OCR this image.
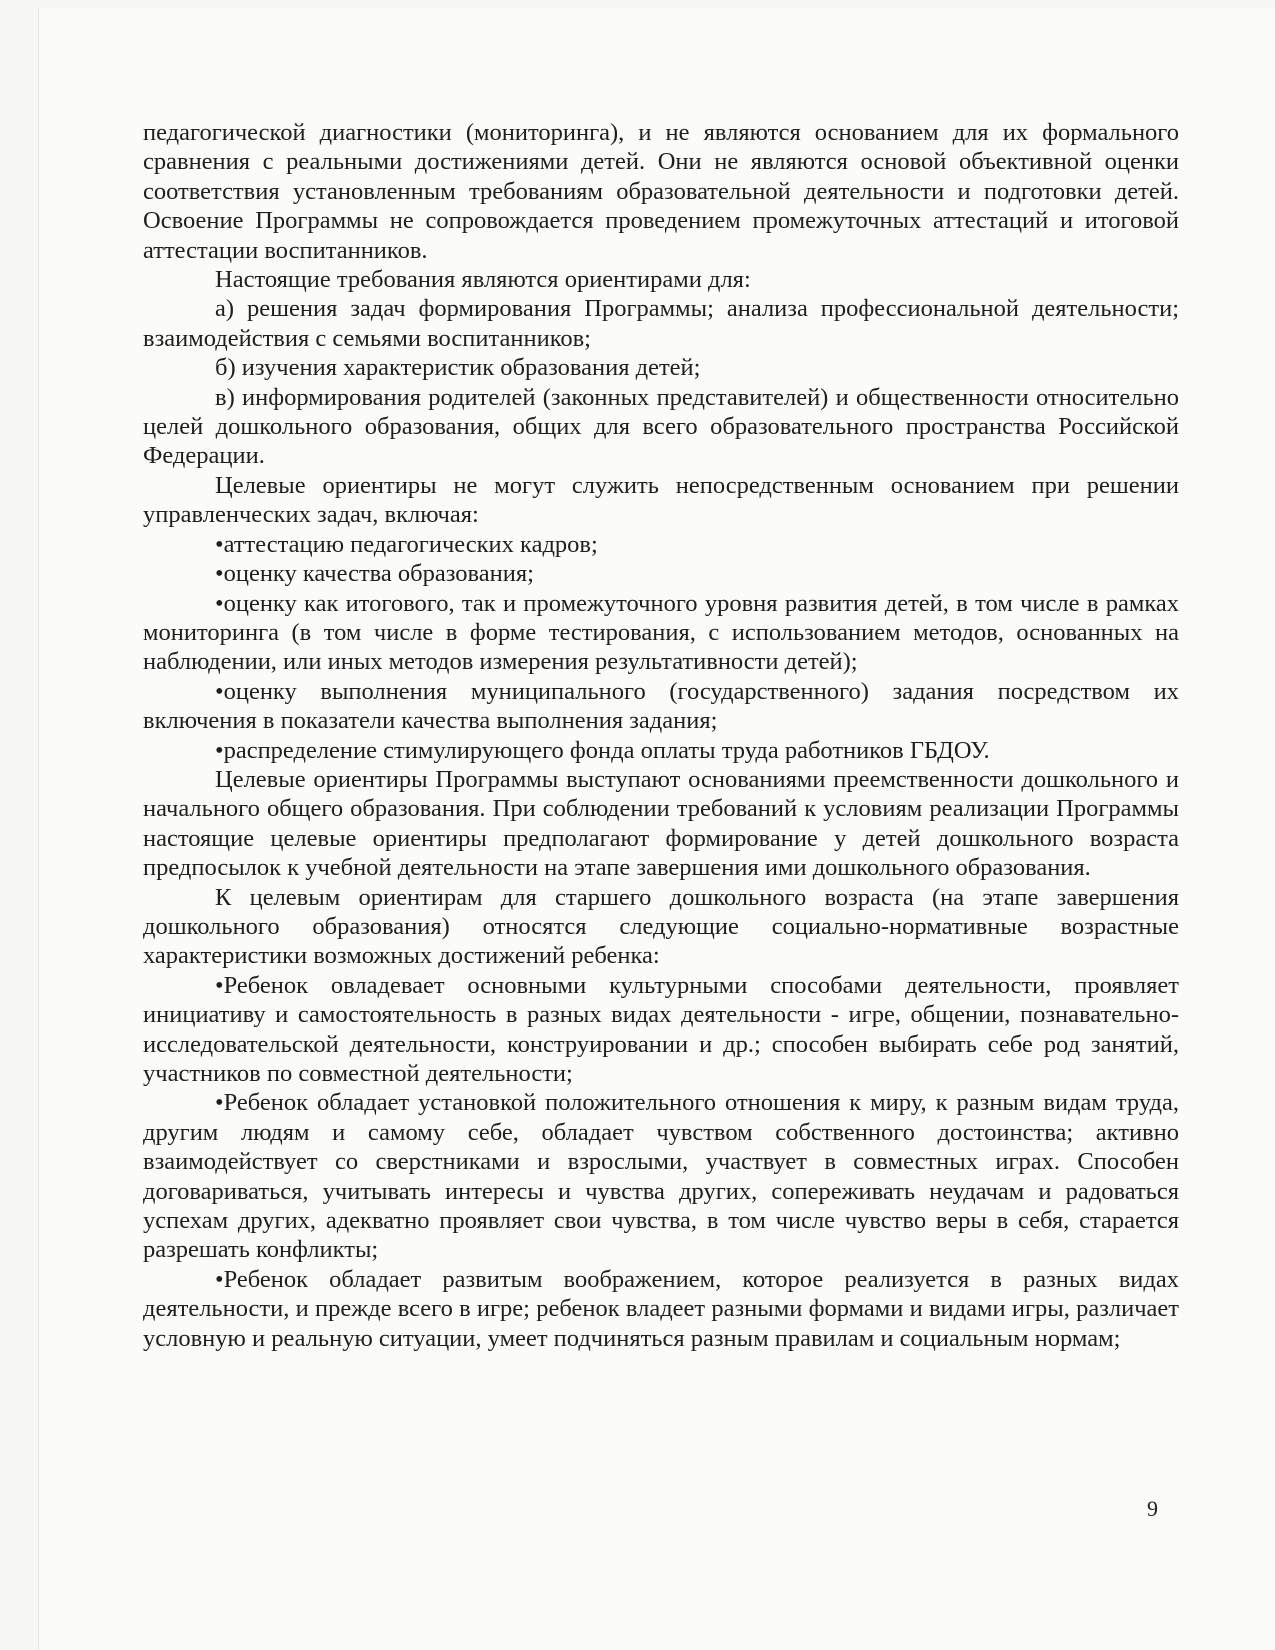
педагогической диагностики (мониторинга), и не являются основанием для их формального сравнения с реальными достижениями детей. Они не являются основой объективной оценки соответствия установленным требованиям образовательной деятельности и подготовки детей. Освоение Программы не сопровождается проведением промежуточных аттестаций и итоговой аттестации воспитанников.

Настоящие требования являются ориентирами для:

а) решения задач формирования Программы; анализа профессиональной деятельности; взаимодействия с семьями воспитанников;

б) изучения характеристик образования детей;

в) информирования родителей (законных представителей) и общественности относительно целей дошкольного образования, общих для всего образовательного пространства Российской Федерации.

Целевые ориентиры не могут служить непосредственным основанием при решении управленческих задач, включая:

•аттестацию педагогических кадров;

•оценку качества образования;

•оценку как итогового, так и промежуточного уровня развития детей, в том числе в рамках мониторинга (в том числе в форме тестирования, с использованием методов, основанных на наблюдении, или иных методов измерения результативности детей);

•оценку выполнения муниципального (государственного) задания посредством их включения в показатели качества выполнения задания;

•распределение стимулирующего фонда оплаты труда работников ГБДОУ.

Целевые ориентиры Программы выступают основаниями преемственности дошкольного и начального общего образования. При соблюдении требований к условиям реализации Программы настоящие целевые ориентиры предполагают формирование у детей дошкольного возраста предпосылок к учебной деятельности на этапе завершения ими дошкольного образования.

К целевым ориентирам для старшего дошкольного возраста (на этапе завершения дошкольного образования) относятся следующие социально-нормативные возрастные характеристики возможных достижений ребенка:

•Ребенок овладевает основными культурными способами деятельности, проявляет инициативу и самостоятельность в разных видах деятельности - игре, общении, познавательно-исследовательской деятельности, конструировании и др.; способен выбирать себе род занятий, участников по совместной деятельности;

•Ребенок обладает установкой положительного отношения к миру, к разным видам труда, другим людям и самому себе, обладает чувством собственного достоинства; активно взаимодействует со сверстниками и взрослыми, участвует в совместных играх. Способен договариваться, учитывать интересы и чувства других, сопереживать неудачам и радоваться успехам других, адекватно проявляет свои чувства, в том числе чувство веры в себя, старается разрешать конфликты;

•Ребенок обладает развитым воображением, которое реализуется в разных видах деятельности, и прежде всего в игре; ребенок владеет разными формами и видами игры, различает условную и реальную ситуации, умеет подчиняться разным правилам и социальным нормам;

9
